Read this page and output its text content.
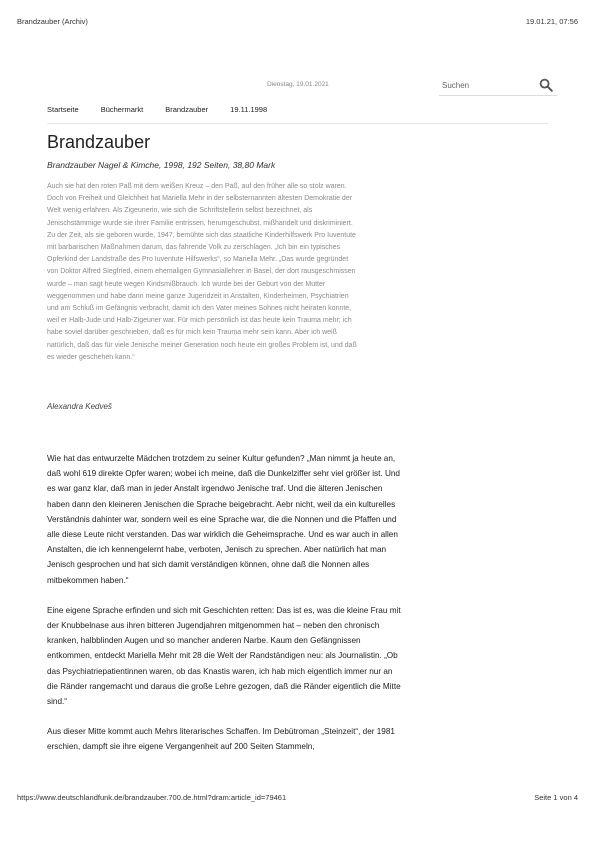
Brandzauber (Archiv)	19.01.21, 07:56
Dienstag, 19.01.2021
Suchen
Startseite	Büchermarkt	Brandzauber	19.11.1998
Brandzauber

Brandzauber Nagel & Kimche, 1998, 192 Seiten, 38,80 Mark

Auch sie hat den roten Paß mit dem weißen Kreuz – den Paß, auf den früher alle so stolz waren. Doch von Freiheit und Gleichheit hat Mariella Mehr in der selbsternannten ältesten Demokratie der Welt wenig erfahren. Als Zigeunerin, wie sich die Schriftstellerin selbst bezeichnet, als Jenischstämmige wurde sie ihrer Familie entrissen, herumgeschubst, mißhandelt und diskriminiert. Zu der Zeit, als sie geboren wurde, 1947, bemühte sich das staatliche Kinderhilfswerk Pro Iuventute mit barbarischen Maßnahmen darum, das fahrende Volk zu zerschlagen. „Ich bin ein typisches Opferkind der Landstraße des Pro Iuventute Hilfswerks“, so Mariella Mehr. „Das wurde gegründet von Doktor Alfred Siegfried, einem ehemaligen Gymnasiallehrer in Basel, der dort rausgeschmissen wurde – man sagt heute wegen Kindsmißbrauch. Ich wurde bei der Geburt von der Mutter weggenommen und habe dann meine ganze Jugendzeit in Anstalten, Kinderheimen, Psychiatrien und am Schluß im Gefängnis verbracht, damit ich den Vater meines Sohnes nicht heiraten konnte, weil er Halb-Jude und Halb-Zigeuner war. Für mich persönlich ist das heute kein Trauma mehr; ich habe soviel darüber geschrieben, daß es für mich kein Trauma mehr sein kann. Aber ich weiß natürlich, daß das für viele Jenische meiner Generation noch heute ein großes Problem ist, und daß es wieder geschehen kann.“

Alexandra Kedveš

Wie hat das entwurzelte Mädchen trotzdem zu seiner Kultur gefunden? „Man nimmt ja heute an, daß wohl 619 direkte Opfer waren; wobei ich meine, daß die Dunkelziffer sehr viel größer ist. Und es war ganz klar, daß man in jeder Anstalt irgendwo Jenische traf. Und die älteren Jenischen haben dann den kleineren Jenischen die Sprache beigebracht. Aebr nicht, weil da ein kulturelles Verständnis dahinter war, sondern weil es eine Sprache war, die die Nonnen und die Pfaffen und alle diese Leute nicht verstanden. Das war wirklich die Geheimsprache. Und es war auch in allen Anstalten, die ich kennengelernt habe, verboten, Jenisch zu sprechen. Aber natürlich hat man Jenisch gesprochen und hat sich damit verständigen können, ohne daß die Nonnen alles mitbekommen haben.“

Eine eigene Sprache erfinden und sich mit Geschichten retten: Das ist es, was die kleine Frau mit der Knubbelnase aus ihren bitteren Jugendjahren mitgenommen hat – neben den chronisch kranken, halbblinden Augen und so mancher anderen Narbe. Kaum den Gefängnissen entkommen, entdeckt Mariella Mehr mit 28 die Welt der Randständigen neu: als Journalistin. „Ob das Psychiatriepatientinnen waren, ob das Knastis waren, ich hab mich eigentlich immer nur an die Ränder rangemacht und daraus die große Lehre gezogen, daß die Ränder eigentlich die Mitte sind.“

Aus dieser Mitte kommt auch Mehrs literarisches Schaffen. Im Debütroman „Steinzeit“, der 1981 erschien, dampft sie ihre eigene Vergangenheit auf 200 Seiten Stammeln,

https://www.deutschlandfunk.de/brandzauber.700.de.html?dram:article_id=79461	Seite 1 von 4
